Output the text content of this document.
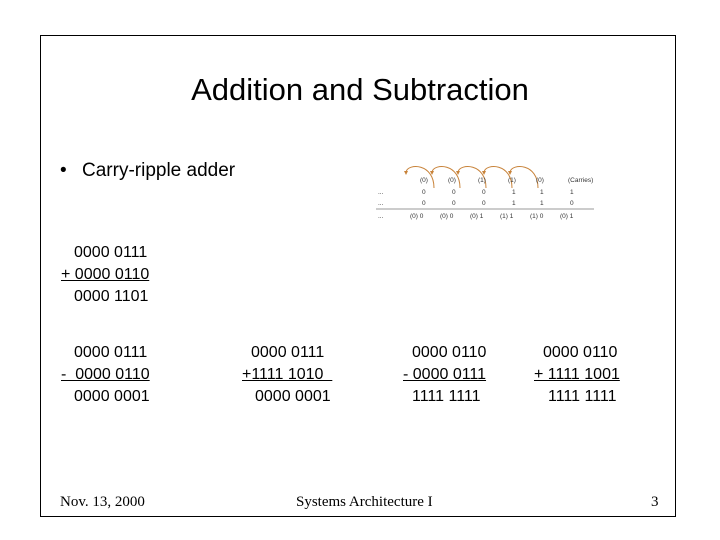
Addition and Subtraction
• Carry-ripple adder	(0)	(0)	(1)	(1)	(0)	(Carries)
...	0	0	0	1	1	1
...	0	0	0	1	1	0
...	(0) 0	(0) 0	(0) 1	(1) 1	(1) 0	(0) 1
0000 0111
+ 0000 0110
0000 1101
0000 0111
-  0000 0110
0000 0001
0000 0111
+1111 1010
0000 0001
0000 0110
- 0000 0111
1111 1111
0000 0110
+ 1111 1001
1111 1111
Nov. 13, 2000	Systems Architecture I	3
